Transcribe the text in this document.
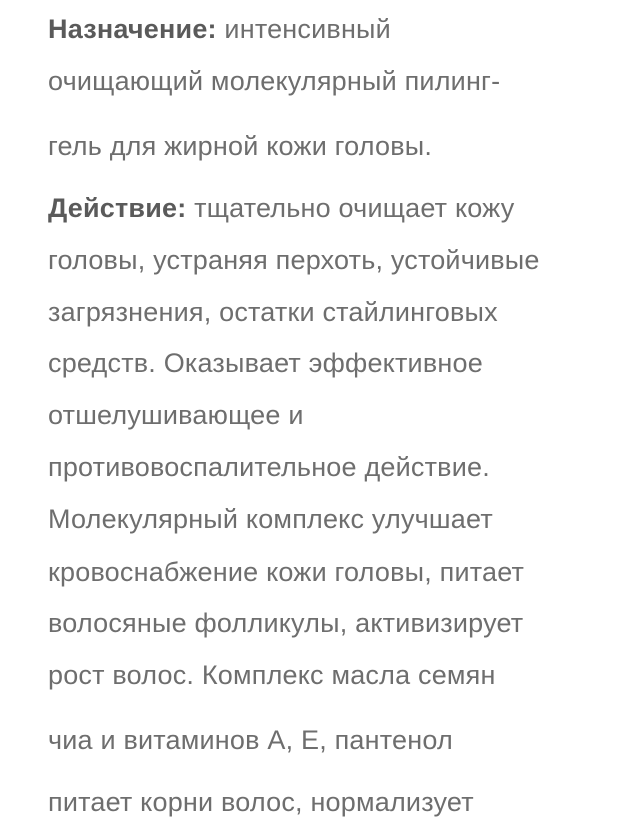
Назначение: интенсивный
очищающий молекулярный пилинг-
гель для жирной кожи головы.
Действие: тщательно очищает кожу
головы, устраняя перхоть, устойчивые
загрязнения, остатки стайлинговых
средств. Оказывает эффективное
отшелушивающее и
противовоспалительное действие.
Молекулярный комплекс улучшает
кровоснабжение кожи головы, питает
волосяные фолликулы, активизирует
рост волос. Комплекс масла семян
чиа и витаминов А, Е, пантенол
питает корни волос, нормализует
